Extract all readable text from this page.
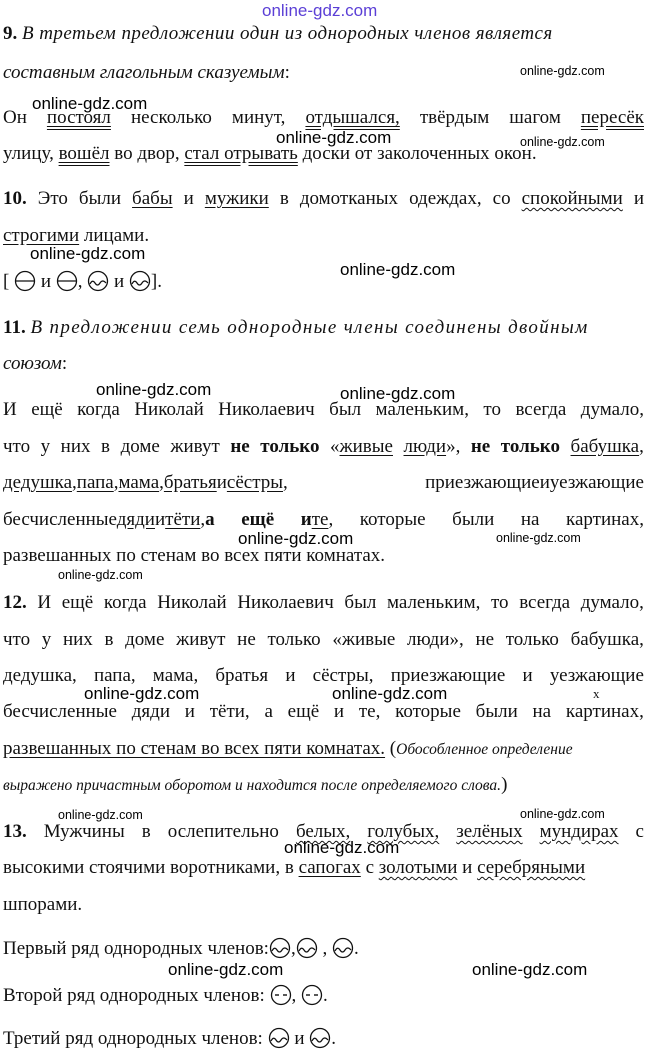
online-gdz.com
9. В третьем предложении один из однородных членов является
составным глагольным сказуемым:
Он постоял несколько минут, отдышался, твёрдым шагом пересёк
улицу, вошёл во двор, стал отрывать доски от заколоченных окон.
10. Это были бабы и мужики в домотканых одеждах, со спокойными и
строгими лицами.
[ и , и ].
11. В предложении семь однородные члены соединены двойным
союзом:
И ещё когда Николай Николаевич был маленьким, то всегда думало,
что у них в доме живут не только «живые люди», не только бабушка,
дедушка,папа,мама,братьяисёстры,	приезжающиеиуезжающие
бесчисленныедядиитёти,а ещё ите, которые были на картинах,
развешанных по стенам во всех пяти комнатах.
12. И ещё когда Николай Николаевич был маленьким, то всегда думало,
что у них в доме живут не только «живые люди», не только бабушка,
дедушка, папа, мама, братья и сёстры, приезжающие и уезжающие
бесчисленные дяди и тёти, а ещё и те, которые были на картинах,
развешанных по стенам во всех пяти комнатах. (Обособленное определение
выражено причастным оборотом и находится после определяемого слова.)
13. Мужчины в ослепительно белых, голубых, зелёных мундирах с
высокими стоячими воротниками, в сапогах с золотыми и серебряными
шпорами.
Первый ряд однородных членов: ,
,
.
Второй ряд однородных членов: ,
.
Третий ряд однородных членов:
и
.
online-gdz.com
online-gdz.com
online-gdz.com	online-gdz.com
online-gdz.com
online-gdz.com
online-gdz.com	online-gdz.com
online-gdz.com	online-gdz.com
online-gdz.com
online-gdz.com	online-gdz.com
online-gdz.com	online-gdz.com
online-gdz.com
online-gdz.com	online-gdz.com
x
